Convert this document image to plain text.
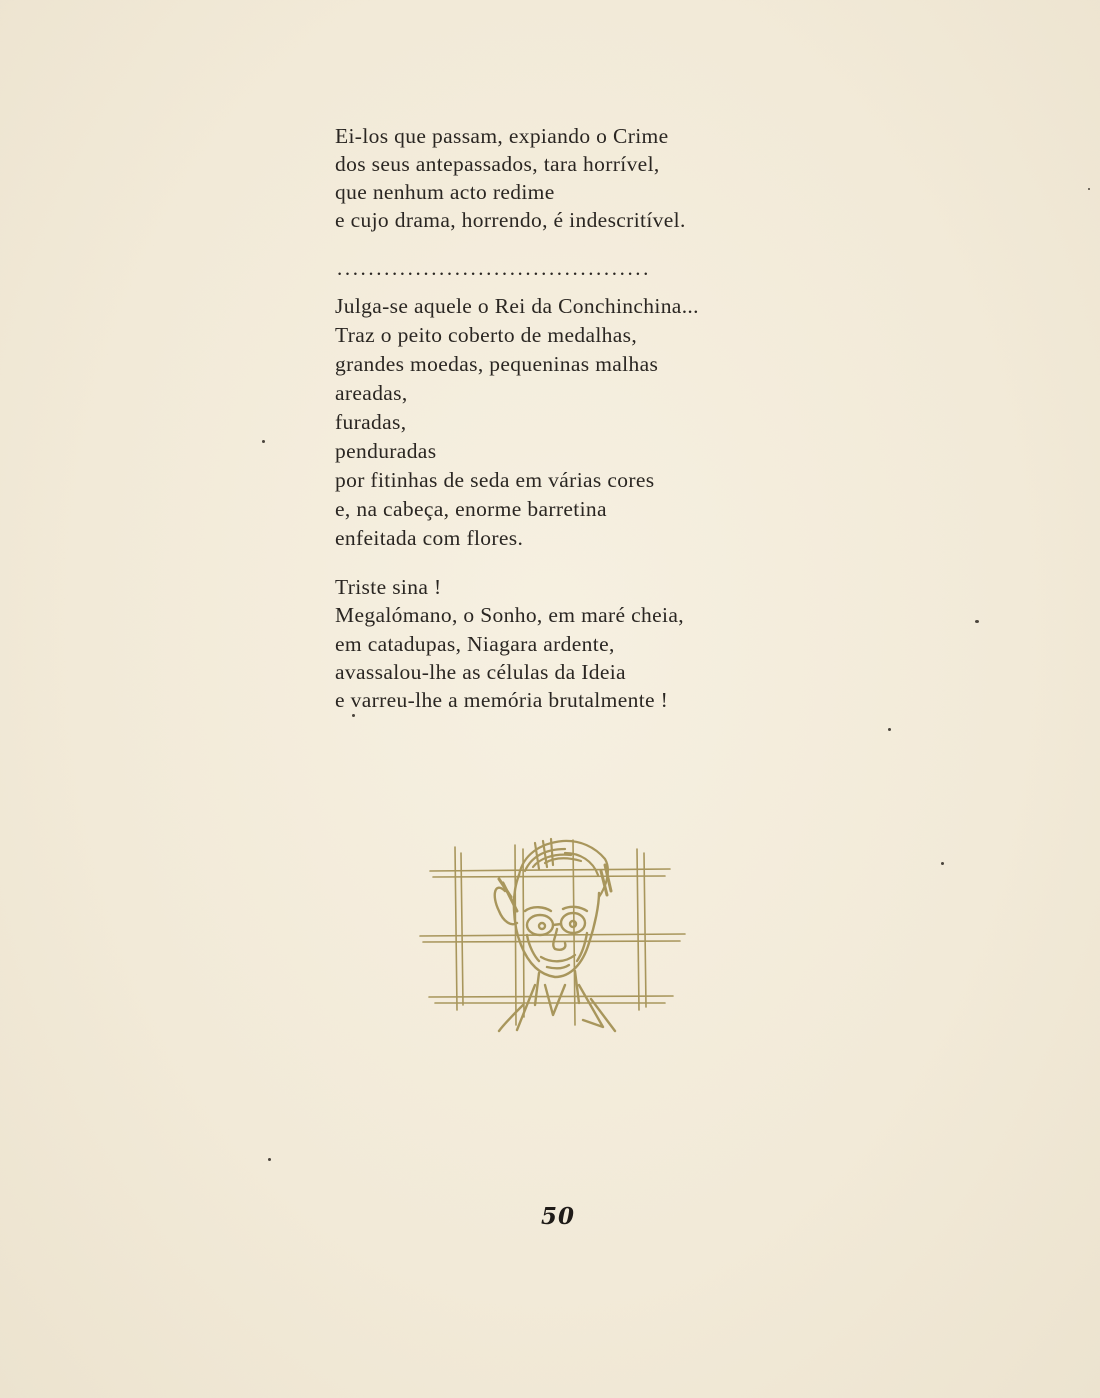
Ei-los que passam, expiando o Crime
dos seus antepassados, tara horrível,
que nenhum acto redime
e cujo drama, horrendo, é indescritível.
........................................
Julga-se aquele o Rei da Conchinchina...
Traz o peito coberto de medalhas,
grandes moedas, pequeninas malhas
areadas,
furadas,
penduradas
por fitinhas de seda em várias cores
e, na cabeça, enorme barretina
enfeitada com flores.
Triste sina !
Megalómano, o Sonho, em maré cheia,
em catadupas, Niagara ardente,
avassalou-lhe as células da Ideia
e varreu-lhe a memória brutalmente !
50
